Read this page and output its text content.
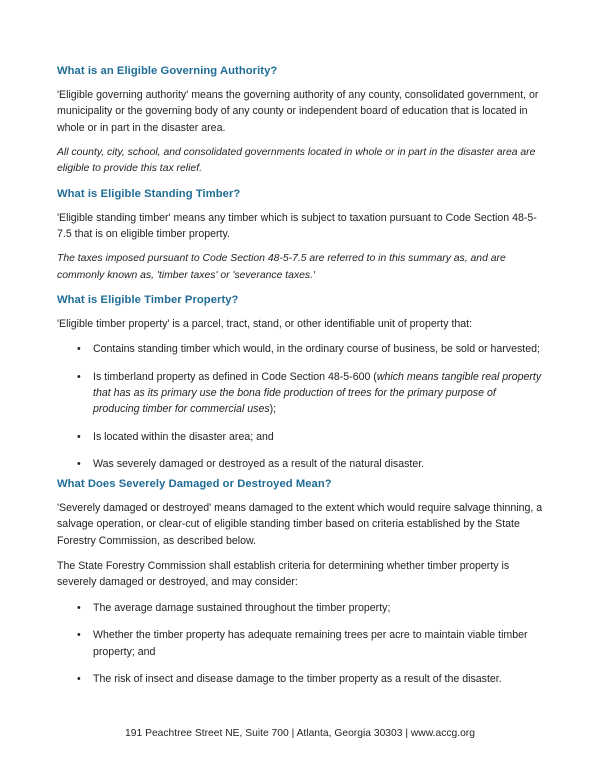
What is an Eligible Governing Authority?

'Eligible governing authority' means the governing authority of any county, consolidated government, or municipality or the governing body of any county or independent board of education that is located in whole or in part in the disaster area.

All county, city, school, and consolidated governments located in whole or in part in the disaster area are eligible to provide this tax relief.

What is Eligible Standing Timber?

'Eligible standing timber' means any timber which is subject to taxation pursuant to Code Section 48-5-7.5 that is on eligible timber property.

The taxes imposed pursuant to Code Section 48-5-7.5 are referred to in this summary as, and are commonly known as, 'timber taxes' or 'severance taxes.'

What is Eligible Timber Property?

'Eligible timber property' is a parcel, tract, stand, or other identifiable unit of property that:

• Contains standing timber which would, in the ordinary course of business, be sold or harvested;
• Is timberland property as defined in Code Section 48-5-600 (which means tangible real property that has as its primary use the bona fide production of trees for the primary purpose of producing timber for commercial uses);
• Is located within the disaster area; and
• Was severely damaged or destroyed as a result of the natural disaster.
What Does Severely Damaged or Destroyed Mean?

'Severely damaged or destroyed' means damaged to the extent which would require salvage thinning, a salvage operation, or clear-cut of eligible standing timber based on criteria established by the State Forestry Commission, as described below.

The State Forestry Commission shall establish criteria for determining whether timber property is severely damaged or destroyed, and may consider:

• The average damage sustained throughout the timber property;
• Whether the timber property has adequate remaining trees per acre to maintain viable timber property; and
• The risk of insect and disease damage to the timber property as a result of the disaster.
191 Peachtree Street NE, Suite 700 | Atlanta, Georgia 30303 | www.accg.org
